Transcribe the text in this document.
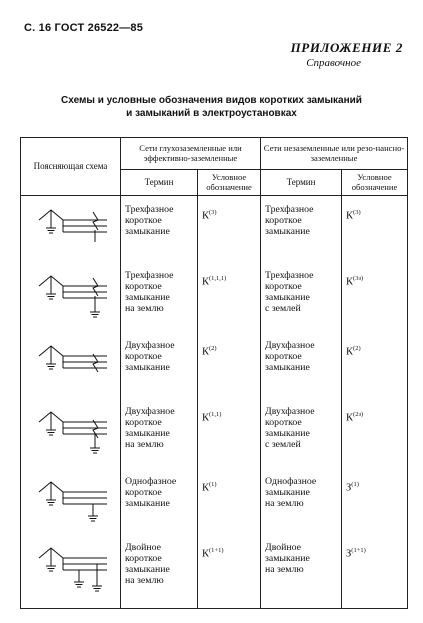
С. 16 ГОСТ 26522—85
ПРИЛОЖЕНИЕ 2
Справочное
Схемы и условные обозначения видов коротких замыканий
и замыканий в электроустановках
Поясняющая схема	Сети глухозаземленные или эффективно-заземленные		Сети незаземленные или резо-нансно-заземленные	
	Термин	Условное обозначение	Термин	Условное обозначение

Трехфазное
короткое
замыкание	$К^{(3)}$	Трехфазное
короткое
замыкание	$К^{(3)}$

Трехфазное
короткое
замыкание
на землю	К$^{(1,1,1)}$	Трехфазное
короткое
замыкание
с землей	$К^{(3з)}$

Двухфазное
короткое
замыкание	$К^{(2)}$	Двухфазное
короткое
замыкание	$К^{(2)}$

Двухфазное
короткое
замыкание
на землю	К$^{(1,1)}$	Двухфазное
короткое
замыкание
с землей	$К^{(2з)}$

Однофазное
короткое
замыкание	$К^{(1)}$	Однофазное
замыкание
на землю	$З^{(1)}$

Двойное
короткое
замыкание
на землю	$К^{(1+1)}$	Двойное
замыкание
на землю	$З^{(1+1)}$
